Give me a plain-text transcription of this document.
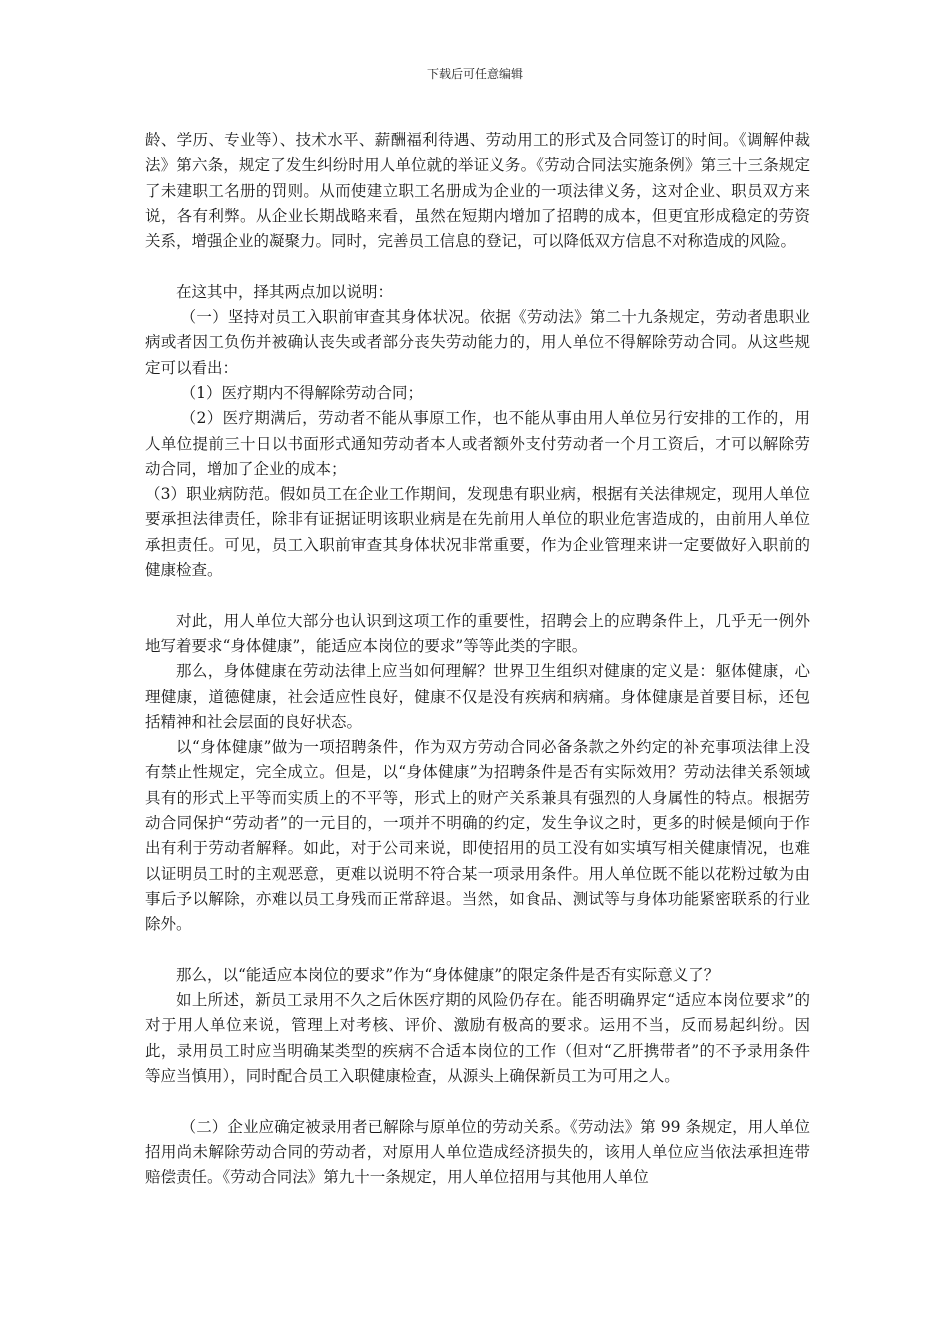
下载后可任意编辑

龄、学历、专业等）、技术水平、薪酬福利待遇、劳动用工的形式及合同签订的时间。《调解仲裁法》第六条，规定了发生纠纷时用人单位就的举证义务。《劳动合同法实施条例》第三十三条规定了未建职工名册的罚则。从而使建立职工名册成为企业的一项法律义务，这对企业、职员双方来说，各有利弊。从企业长期战略来看，虽然在短期内增加了招聘的成本，但更宜形成稳定的劳资关系，增强企业的凝聚力。同时，完善员工信息的登记，可以降低双方信息不对称造成的风险。

在这其中，择其两点加以说明：

（一）坚持对员工入职前审查其身体状况。依据《劳动法》第二十九条规定，劳动者患职业病或者因工负伤并被确认丧失或者部分丧失劳动能力的，用人单位不得解除劳动合同。从这些规定可以看出：

（1）医疗期内不得解除劳动合同；

（2）医疗期满后，劳动者不能从事原工作，也不能从事由用人单位另行安排的工作的，用人单位提前三十日以书面形式通知劳动者本人或者额外支付劳动者一个月工资后，才可以解除劳动合同，增加了企业的成本；

（3）职业病防范。假如员工在企业工作期间，发现患有职业病，根据有关法律规定，现用人单位要承担法律责任，除非有证据证明该职业病是在先前用人单位的职业危害造成的，由前用人单位承担责任。可见，员工入职前审查其身体状况非常重要，作为企业管理来讲一定要做好入职前的健康检查。

对此，用人单位大部分也认识到这项工作的重要性，招聘会上的应聘条件上，几乎无一例外地写着要求“身体健康”，能适应本岗位的要求”等等此类的字眼。

那么，身体健康在劳动法律上应当如何理解？世界卫生组织对健康的定义是：躯体健康，心理健康，道德健康，社会适应性良好，健康不仅是没有疾病和病痛。身体健康是首要目标，还包括精神和社会层面的良好状态。

以“身体健康”做为一项招聘条件，作为双方劳动合同必备条款之外约定的补充事项法律上没有禁止性规定，完全成立。但是，以“身体健康”为招聘条件是否有实际效用？劳动法律关系领域具有的形式上平等而实质上的不平等，形式上的财产关系兼具有强烈的人身属性的特点。根据劳动合同保护“劳动者”的一元目的，一项并不明确的约定，发生争议之时，更多的时候是倾向于作出有利于劳动者解释。如此，对于公司来说，即使招用的员工没有如实填写相关健康情况，也难以证明员工时的主观恶意，更难以说明不符合某一项录用条件。用人单位既不能以花粉过敏为由事后予以解除，亦难以员工身残而正常辞退。当然，如食品、测试等与身体功能紧密联系的行业除外。

那么，以“能适应本岗位的要求”作为“身体健康”的限定条件是否有实际意义了？

如上所述，新员工录用不久之后休医疗期的风险仍存在。能否明确界定“适应本岗位要求”的对于用人单位来说，管理上对考核、评价、激励有极高的要求。运用不当，反而易起纠纷。因此，录用员工时应当明确某类型的疾病不合适本岗位的工作（但对“乙肝携带者”的不予录用条件等应当慎用），同时配合员工入职健康检查，从源头上确保新员工为可用之人。

（二）企业应确定被录用者已解除与原单位的劳动关系。《劳动法》第 99 条规定，用人单位招用尚未解除劳动合同的劳动者，对原用人单位造成经济损失的，该用人单位应当依法承担连带赔偿责任。《劳动合同法》第九十一条规定，用人单位招用与其他用人单位
